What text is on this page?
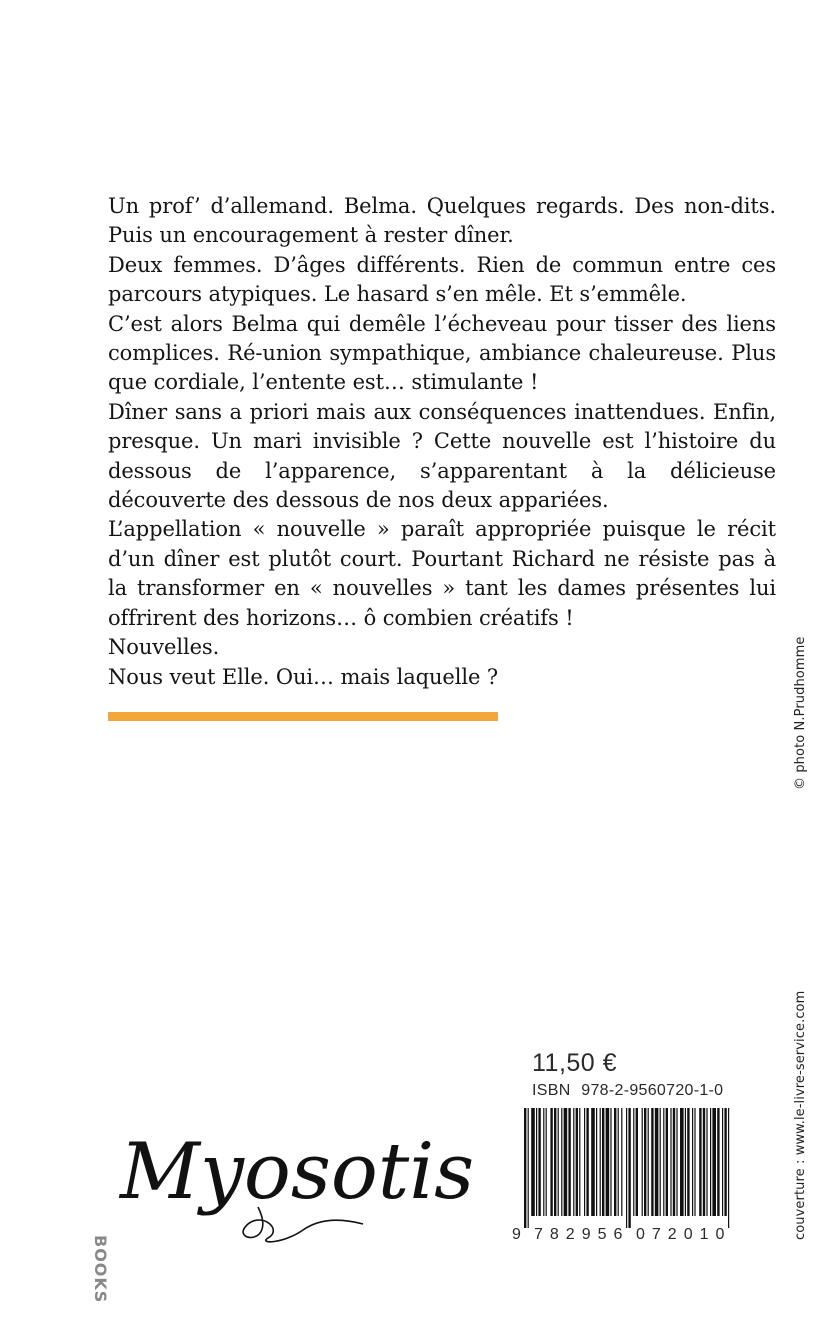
Un prof’ d’allemand. Belma. Quelques regards. Des non-dits. Puis un encouragement à rester dîner.

Deux femmes. D’âges différents. Rien de commun entre ces parcours atypiques. Le hasard s’en mêle. Et s’emmêle.

C’est alors Belma qui demêle l’écheveau pour tisser des liens complices. Ré-union sympathique, ambiance chaleureuse. Plus que cordiale, l’entente est… stimulante !

Dîner sans a priori mais aux conséquences inattendues. Enfin, presque. Un mari invisible ? Cette nouvelle est l’histoire du dessous de l’apparence, s’apparentant à la délicieuse découverte des dessous de nos deux appariées.

L’appellation « nouvelle » paraît appropriée puisque le récit d’un dîner est plutôt court. Pourtant Richard ne résiste pas à la transformer en « nouvelles » tant les dames présentes lui offrirent des horizons… ô combien créatifs !

Nouvelles.

Nous veut Elle. Oui… mais laquelle ?

couverture : www.le-livre-service.com
© photo N.Prudhomme
11,50 €
ISBN 978-2-9560720-1-0
9 782956 072010
BOOKS
Myosotis
